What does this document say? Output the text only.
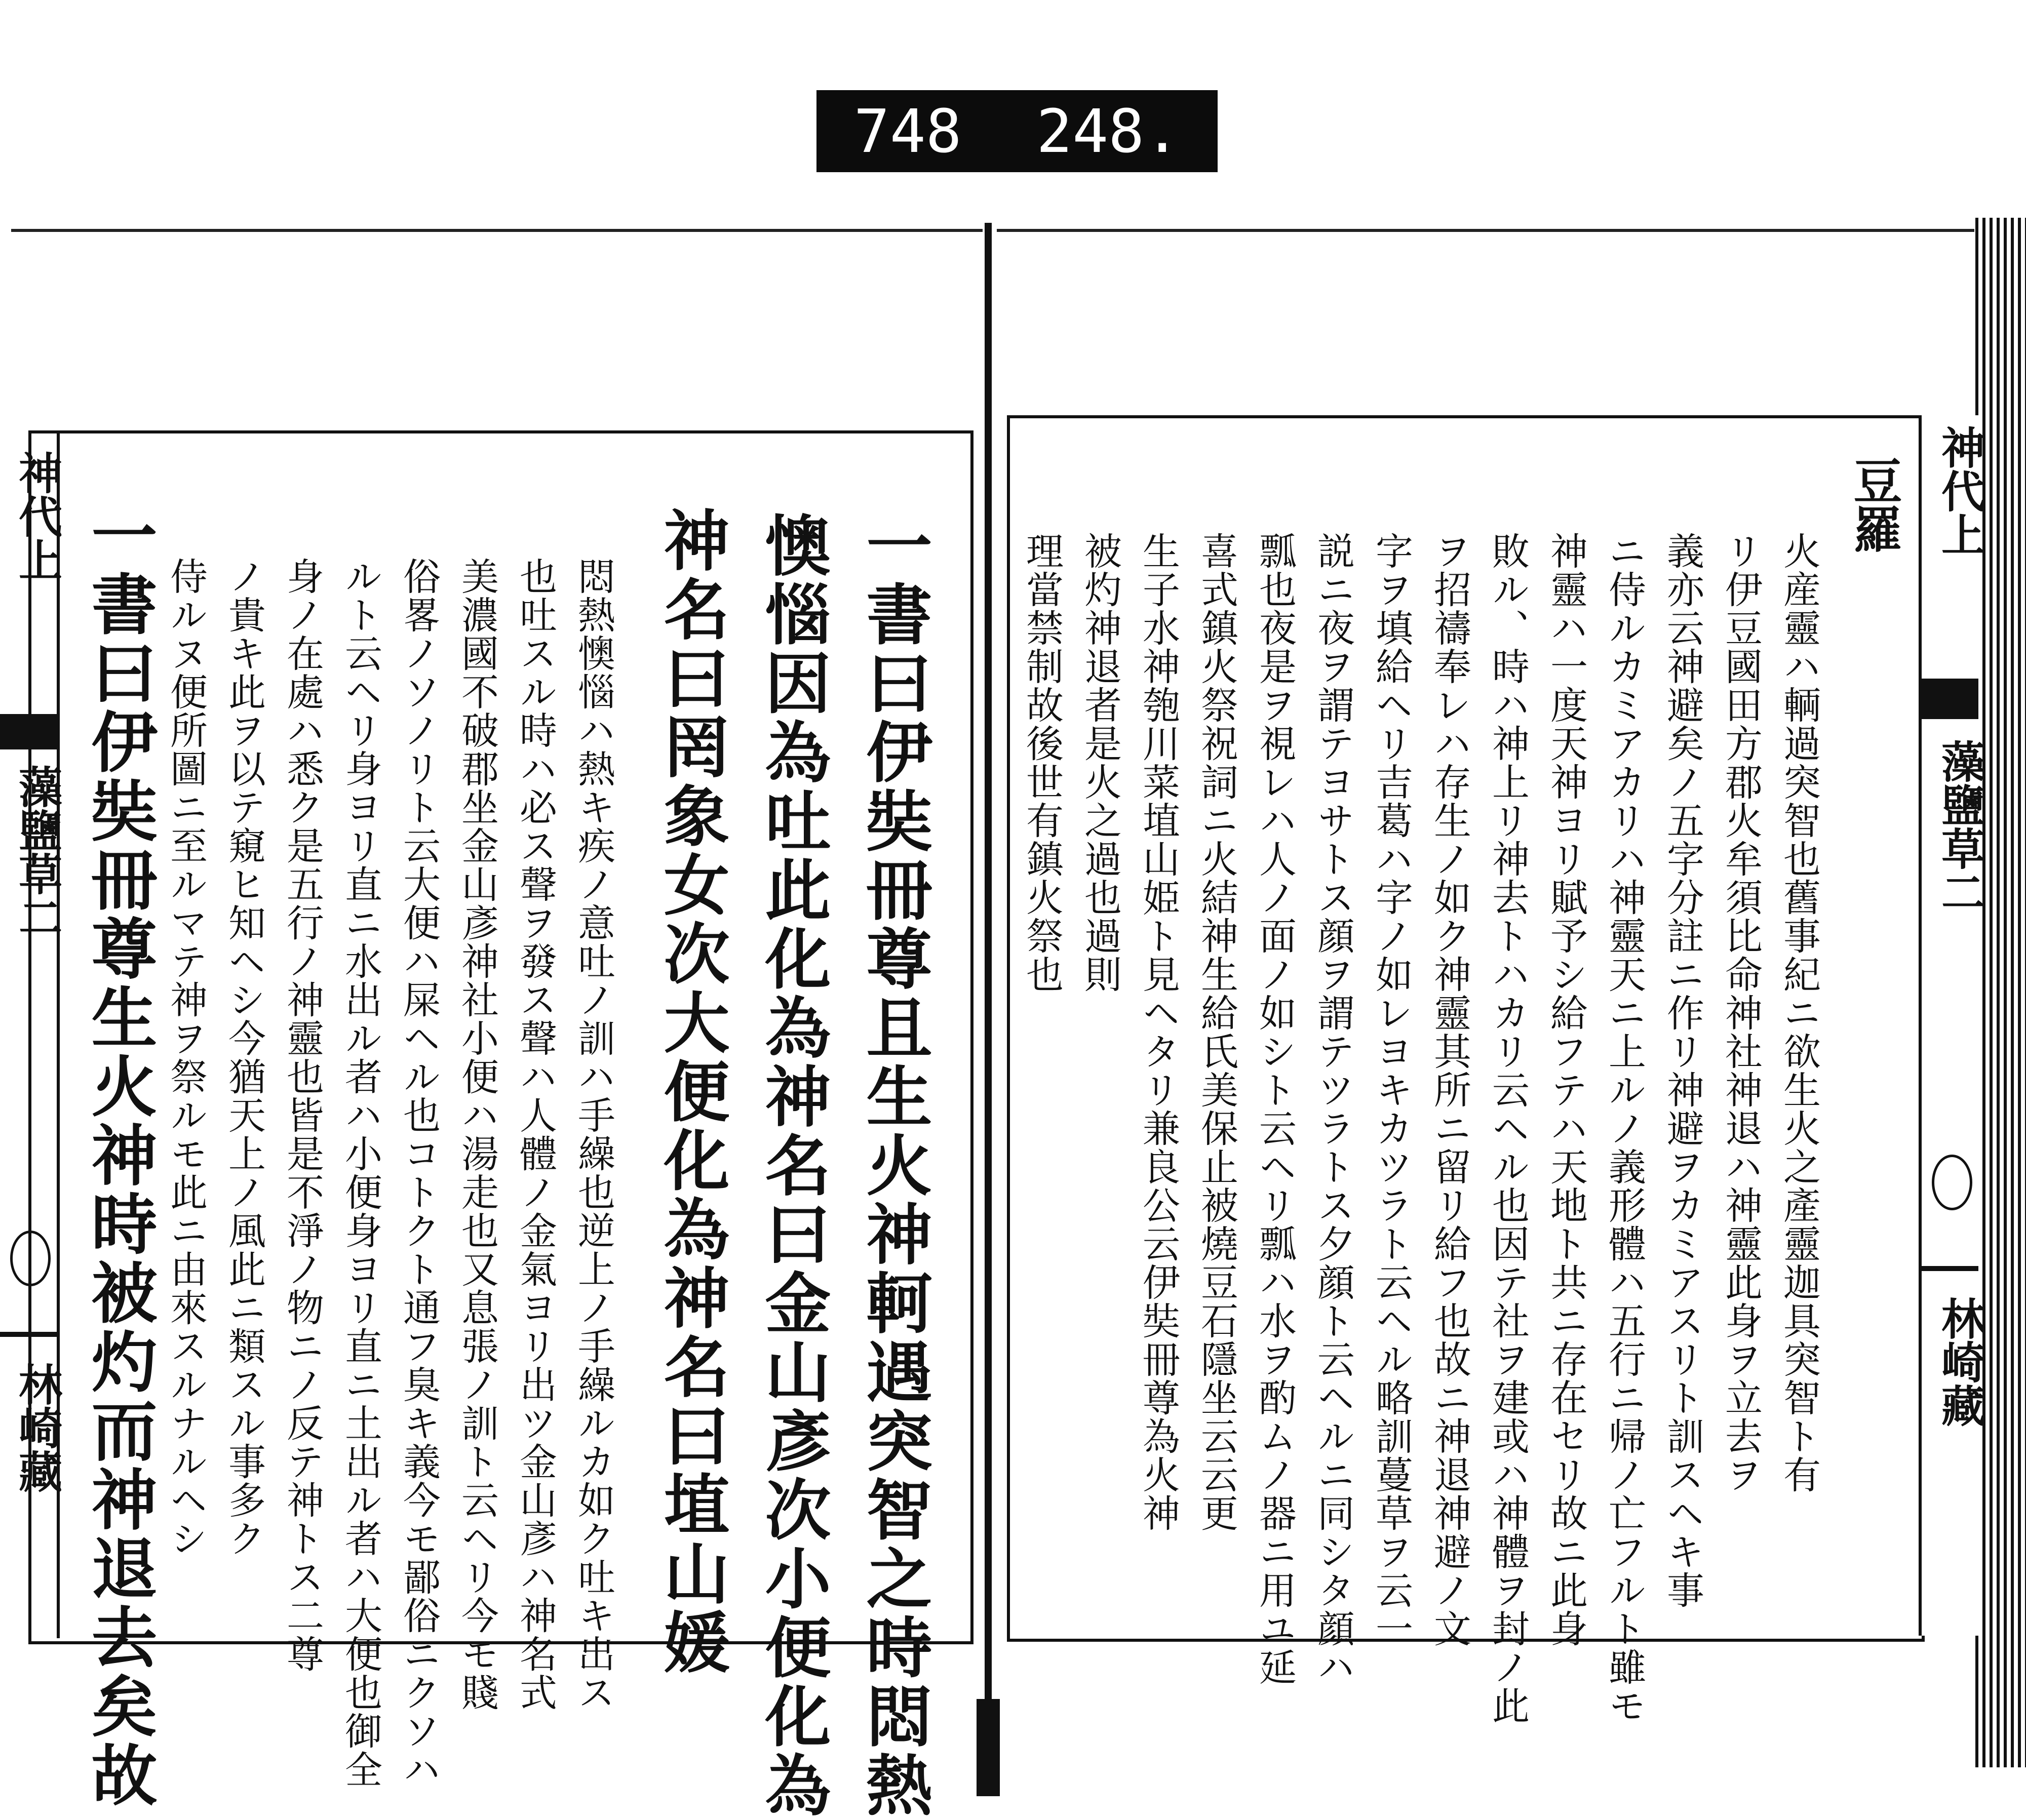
748 248.
神代上
藻鹽草二
林崎藏	一書曰伊奘冊尊且生火神軻遇突智之時悶熱
懊惱因為吐此化為神名曰金山彥次小便化為
神名曰罔象女次大便化為神名曰埴山媛
悶熱懊惱ハ熱キ疾ノ意吐ノ訓ハ手繰也逆上ノ手繰ルカ如ク吐キ出ス
也吐スル時ハ必ス聲ヲ發ス聲ハ人體ノ金氣ヨリ出ツ金山彥ハ神名式
美濃國不破郡坐金山彥神社小便ハ湯走也又息張ノ訓ト云ヘリ今モ賤
俗畧ノソノリト云大便ハ屎ヘル也コトクト通フ臭キ義今モ鄙俗ニクソハ
ルト云ヘリ身ヨリ直ニ水出ル者ハ小便身ヨリ直ニ土出ル者ハ大便也御全
身ノ在處ハ悉ク是五行ノ神靈也皆是不淨ノ物ニノ反テ神トス二尊
ノ貴キ此ヲ以テ窺ヒ知ヘシ今猶天上ノ風此ニ類スル事多ク
侍ルヌ便所圖ニ至ルマテ神ヲ祭ルモ此ニ由來スルナルヘシ
一書曰伊奘冊尊生火神時被灼而神退去矣故
神代上
藻鹽草二
林崎藏
豆羅
火産靈ハ輌過突智也舊事紀ニ欲生火之產靈迦具突智ト有
リ伊豆國田方郡火牟須比命神社神退ハ神靈此身ヲ立去ヲ
義亦云神避矣ノ五字分註ニ作リ神避ヲカミアスリト訓スヘキ事
ニ侍ルカミアカリハ神靈天ニ上ルノ義形體ハ五行ニ帰ノ亡フルト雖モ
神靈ハ一度天神ヨリ賦予シ給フテハ天地ト共ニ存在セリ故ニ此身
敗ル、時ハ神上リ神去トハカリ云ヘル也因テ社ヲ建或ハ神體ヲ封ノ此
ヲ招禱奉レハ存生ノ如ク神靈其所ニ留リ給フ也故ニ神退神避ノ文
字ヲ填給ヘリ吉葛ハ字ノ如レヨキカツラト云ヘル略訓蔓草ヲ云一
説ニ夜ヲ謂テヨサトス顔ヲ謂テツラトス夕顔ト云ヘルニ同シタ顔ハ
瓢也夜是ヲ視レハ人ノ面ノ如シト云ヘリ瓢ハ水ヲ酌ムノ器ニ用ユ延
喜式鎮火祭祝詞ニ火結神生給氏美保止被燒豆石隱坐云云更
生子水神匏川菜埴山姫ト見ヘタリ兼良公云伊奘冊尊為火神
被灼神退者是火之過也過則
理當禁制故後世有鎮火祭也
